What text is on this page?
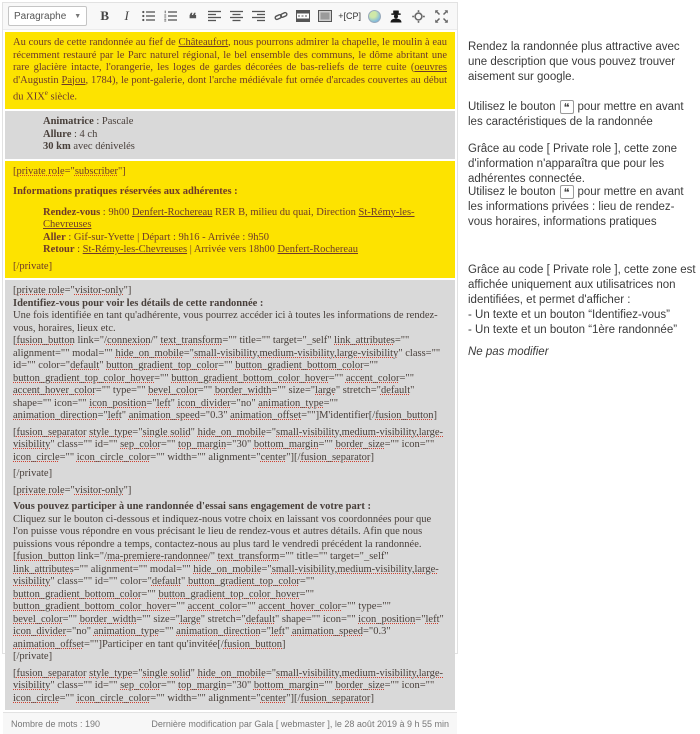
Paragraphe ▼	B	I	❝	+[CP]

Au cours de cette randonnée au fief de Châteaufort, nous pourrons admirer la chapelle, le moulin à eau récemment restauré par le Parc naturel régional, le bel ensemble des communs, le dôme abritant une rare glacière intacte, l'orangerie, les loges de gardes décorées de bas-reliefs de terre cuite (oeuvres d'Augustin Pajou, 1784), le pont-galerie, dont l'arche médiévale fut ornée d'arcades couvertes au début du XIXe siècle.

Animatrice : Pascale
Allure : 4 ch
30 km avec dénivelés

[private role="subscriber"]

Informations pratiques réservées aux adhérentes :

Rendez-vous : 9h00 Denfert-Rochereau RER B, milieu du quai, Direction St-Rémy-les-Chevreuses
Aller : Gif-sur-Yvette | Départ : 9h16 - Arrivée : 9h50
Retour : St-Rémy-les-Chevreuses | Arrivée vers 18h00 Denfert-Rochereau

[/private]

[private role="visitor-only"]

Identifiez-vous pour voir les détails de cette randonnée :

Une fois identifiée en tant qu'adhérente, vous pourrez accéder ici à toutes les informations de rendez-vous, horaires, lieux etc.

[fusion_button link="/connexion/" text_transform="" title="" target="_self" link_attributes="" alignment="" modal="" hide_on_mobile="small-visibility,medium-visibility,large-visibility" class="" id="" color="default" button_gradient_top_color="" button_gradient_bottom_color="" button_gradient_top_color_hover="" button_gradient_bottom_color_hover="" accent_color="" accent_hover_color="" type="" bevel_color="" border_width="" size="large" stretch="default" shape="" icon="" icon_position="left" icon_divider="no" animation_type="" animation_direction="left" animation_speed="0.3" animation_offset=""]M'identifier[/fusion_button]

[fusion_separator style_type="single solid" hide_on_mobile="small-visibility,medium-visibility,large-visibility" class="" id="" sep_color="" top_margin="30" bottom_margin="" border_size="" icon="" icon_circle="" icon_circle_color="" width="" alignment="center"][/fusion_separator]

[/private]

[private role="visitor-only"]

Vous pouvez participer à une randonnée d'essai sans engagement de votre part :

Cliquez sur le bouton ci-dessous et indiquez-nous votre choix en laissant vos coordonnées pour que l'on puisse vous répondre en vous précisant le lieu de rendez-vous et autres détails. Afin que nous puissions vous répondre a temps, contactez-nous au plus tard le vendredi précédent la randonnée.

[fusion_button link="/ma-premiere-randonnee/" text_transform="" title="" target="_self" link_attributes="" alignment="" modal="" hide_on_mobile="small-visibility,medium-visibility,large-visibility" class="" id="" color="default" button_gradient_top_color="" button_gradient_bottom_color="" button_gradient_top_color_hover="" button_gradient_bottom_color_hover="" accent_color="" accent_hover_color="" type="" bevel_color="" border_width="" size="large" stretch="default" shape="" icon="" icon_position="left" icon_divider="no" animation_type="" animation_direction="left" animation_speed="0.3" animation_offset=""]Participer en tant qu'invitée[/fusion_button]

[/private]

[fusion_separator style_type="single solid" hide_on_mobile="small-visibility,medium-visibility,large-visibility" class="" id="" sep_color="" top_margin="30" bottom_margin="" border_size="" icon="" icon_circle="" icon_circle_color="" width="" alignment="center"][/fusion_separator]

Nombre de mots : 190	Dernière modification par Gala [ webmaster ], le 28 août 2019 à 9 h 55 min
Rendez la randonnée plus attractive avec une description que vous pouvez trouver aisement sur google.
Utilisez le bouton ❝ pour mettre en avant les caractéristiques de la randonnée
Grâce au code [ Private role ], cette zone d'information n'apparaîtra que pour les adhérentes connectée.
Utilisez le bouton ❝ pour mettre en avant les informations privées : lieu de rendez-vous horaires, informations pratiques
Grâce au code [ Private role ], cette zone est affichée uniquement aux utilisatrices non identifiées, et permet d'afficher :
- Un texte et un bouton “Identifiez-vous”
- Un texte et un bouton “1ère randonnée”
Ne pas modifier
